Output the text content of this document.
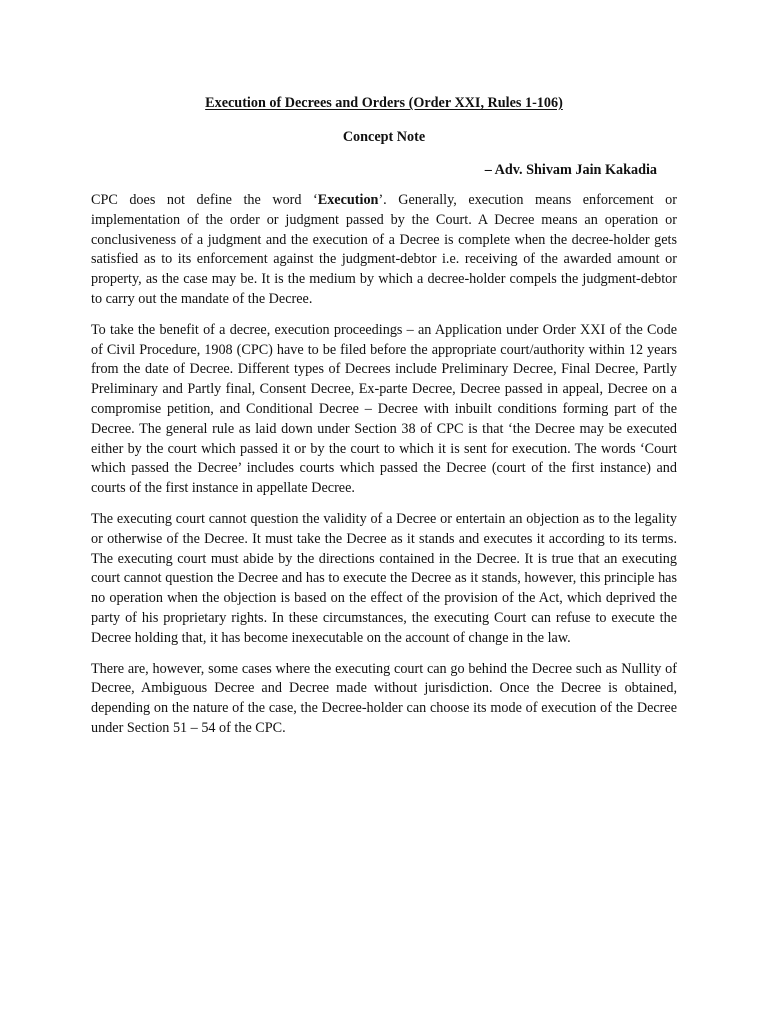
Execution of Decrees and Orders (Order XXI, Rules 1-106)
Concept Note
– Adv. Shivam Jain Kakadia

CPC does not define the word ‘Execution’. Generally, execution means enforcement or implementation of the order or judgment passed by the Court. A Decree means an operation or conclusiveness of a judgment and the execution of a Decree is complete when the decree-holder gets satisfied as to its enforcement against the judgment-debtor i.e. receiving of the awarded amount or property, as the case may be. It is the medium by which a decree-holder compels the judgment-debtor to carry out the mandate of the Decree.

To take the benefit of a decree, execution proceedings – an Application under Order XXI of the Code of Civil Procedure, 1908 (CPC) have to be filed before the appropriate court/authority within 12 years from the date of Decree. Different types of Decrees include Preliminary Decree, Final Decree, Partly Preliminary and Partly final, Consent Decree, Ex-parte Decree, Decree passed in appeal, Decree on a compromise petition, and Conditional Decree – Decree with inbuilt conditions forming part of the Decree. The general rule as laid down under Section 38 of CPC is that ‘the Decree may be executed either by the court which passed it or by the court to which it is sent for execution. The words ‘Court which passed the Decree’ includes courts which passed the Decree (court of the first instance) and courts of the first instance in appellate Decree.

The executing court cannot question the validity of a Decree or entertain an objection as to the legality or otherwise of the Decree. It must take the Decree as it stands and executes it according to its terms. The executing court must abide by the directions contained in the Decree. It is true that an executing court cannot question the Decree and has to execute the Decree as it stands, however, this principle has no operation when the objection is based on the effect of the provision of the Act, which deprived the party of his proprietary rights. In these circumstances, the executing Court can refuse to execute the Decree holding that, it has become inexecutable on the account of change in the law.

There are, however, some cases where the executing court can go behind the Decree such as Nullity of Decree, Ambiguous Decree and Decree made without jurisdiction. Once the Decree is obtained, depending on the nature of the case, the Decree-holder can choose its mode of execution of the Decree under Section 51 – 54 of the CPC.
